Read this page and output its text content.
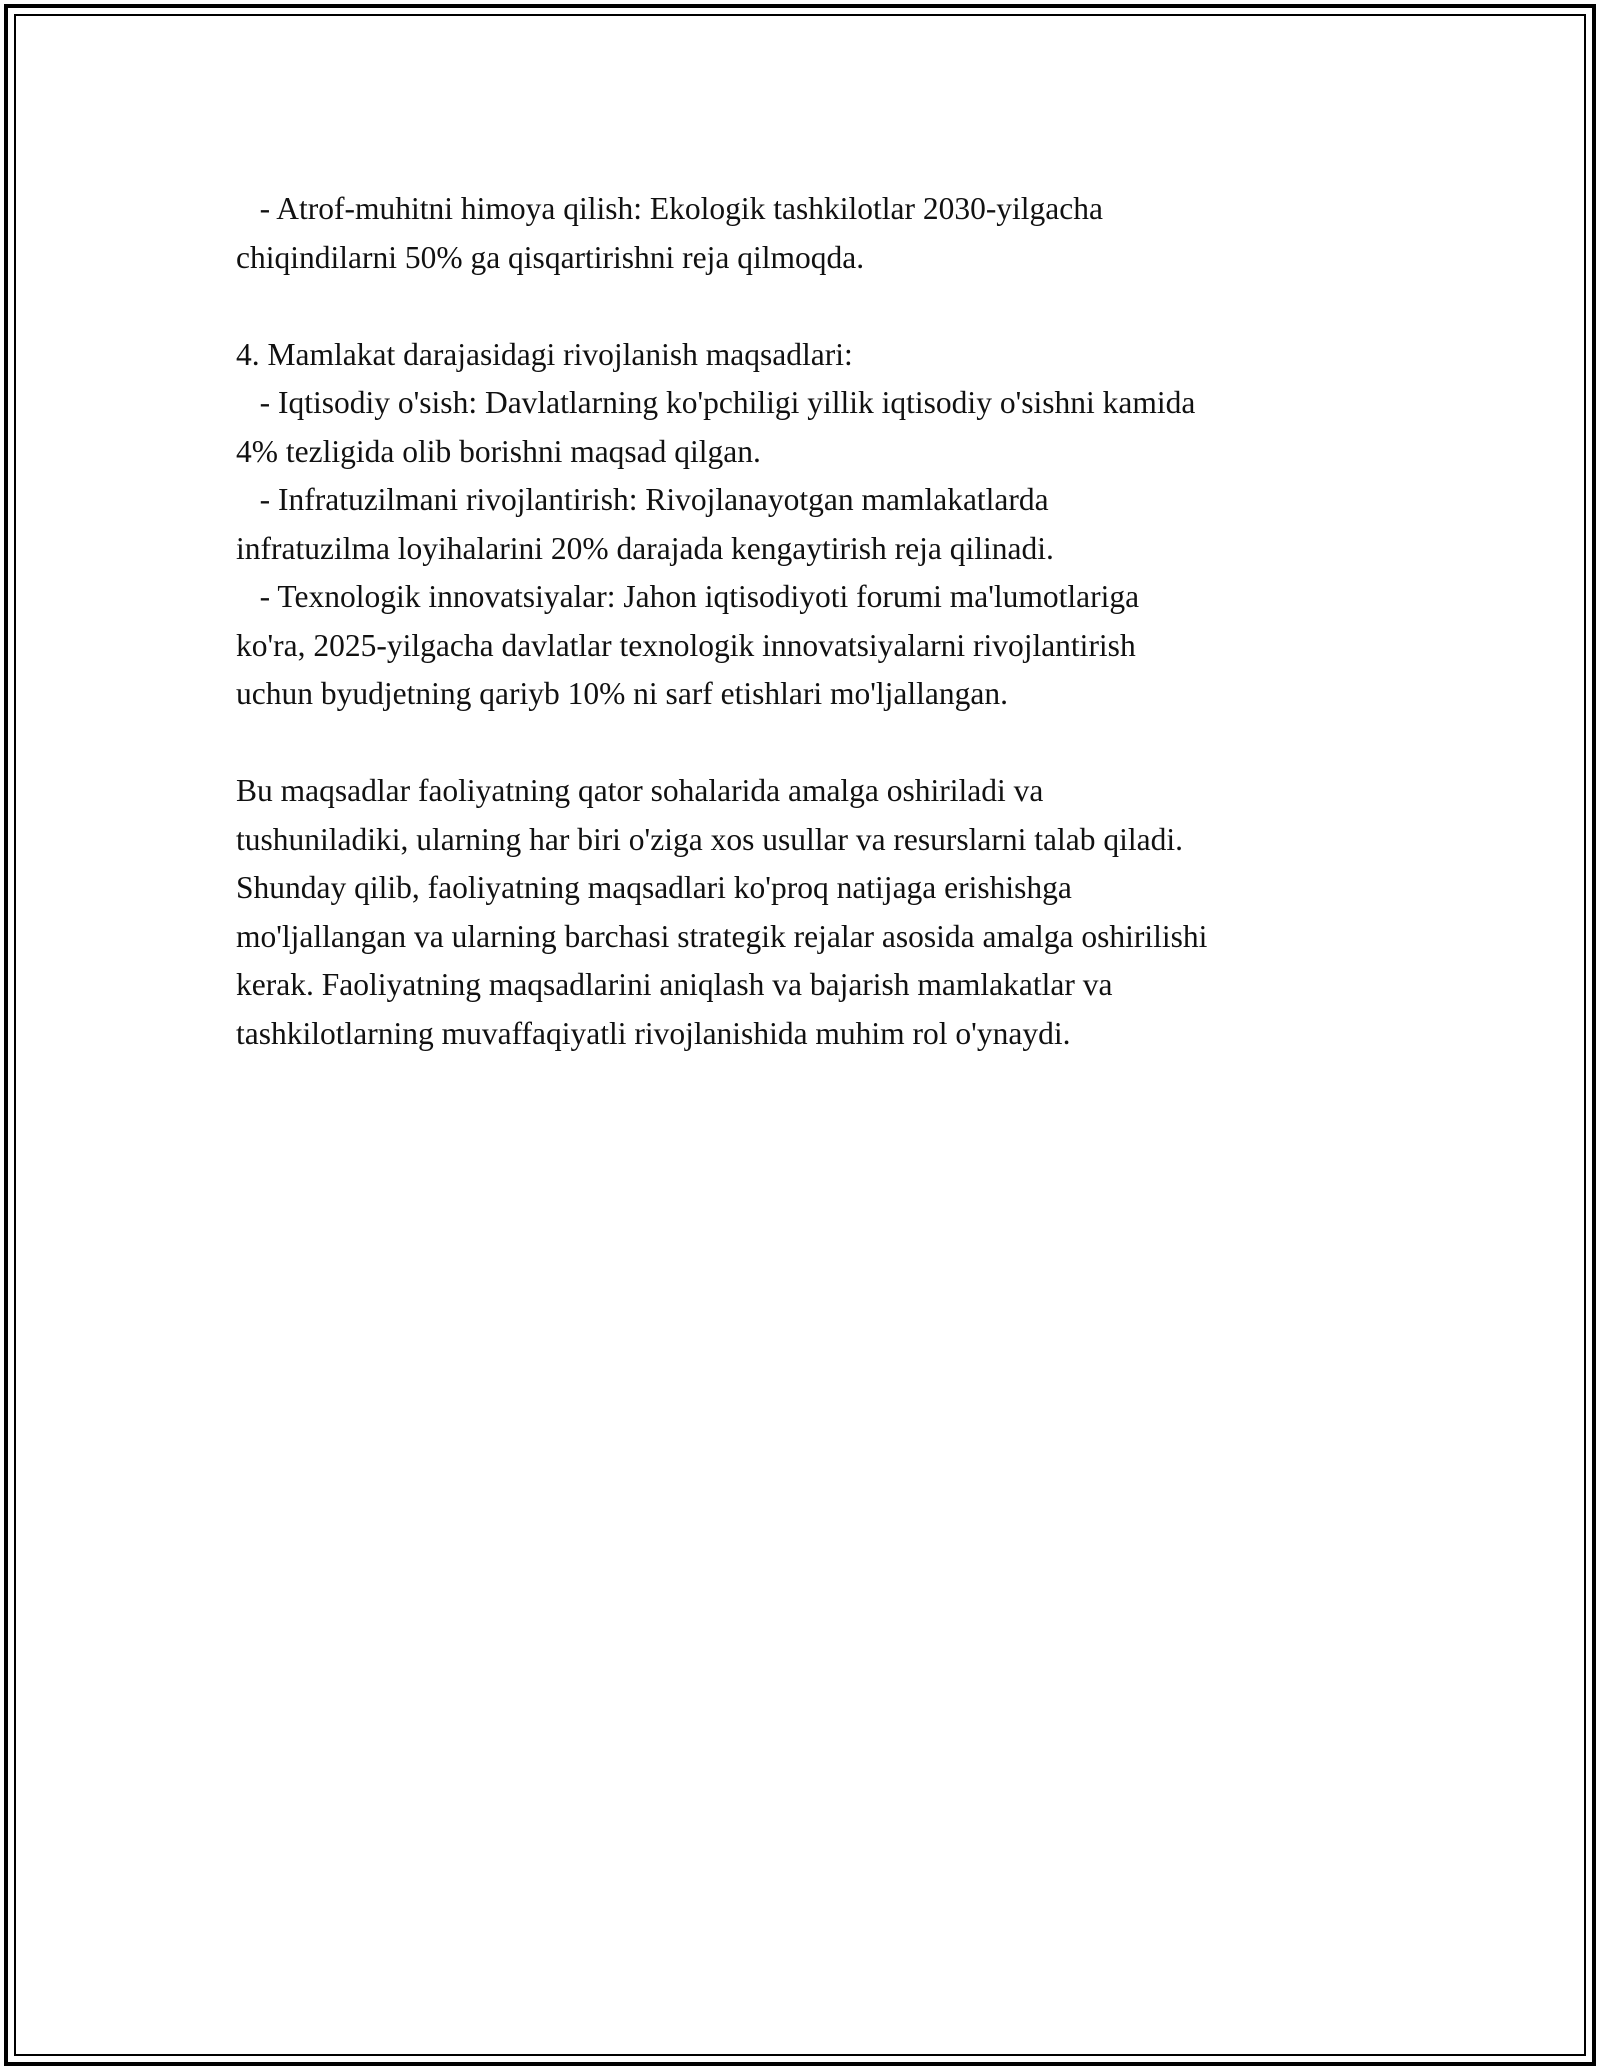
- Atrof-muhitni himoya qilish: Ekologik tashkilotlar 2030-yilgacha
chiqindilarni 50% ga qisqartirishni reja qilmoqda.
4. Mamlakat darajasidagi rivojlanish maqsadlari:
- Iqtisodiy o'sish: Davlatlarning ko'pchiligi yillik iqtisodiy o'sishni kamida
4% tezligida olib borishni maqsad qilgan.
- Infratuzilmani rivojlantirish: Rivojlanayotgan mamlakatlarda
infratuzilma loyihalarini 20% darajada kengaytirish reja qilinadi.
- Texnologik innovatsiyalar: Jahon iqtisodiyoti forumi ma'lumotlariga
ko'ra, 2025-yilgacha davlatlar texnologik innovatsiyalarni rivojlantirish
uchun byudjetning qariyb 10% ni sarf etishlari mo'ljallangan.
Bu maqsadlar faoliyatning qator sohalarida amalga oshiriladi va
tushuniladiki, ularning har biri o'ziga xos usullar va resurslarni talab qiladi.
Shunday qilib, faoliyatning maqsadlari ko'proq natijaga erishishga
mo'ljallangan va ularning barchasi strategik rejalar asosida amalga oshirilishi
kerak. Faoliyatning maqsadlarini aniqlash va bajarish mamlakatlar va
tashkilotlarning muvaffaqiyatli rivojlanishida muhim rol o'ynaydi.
